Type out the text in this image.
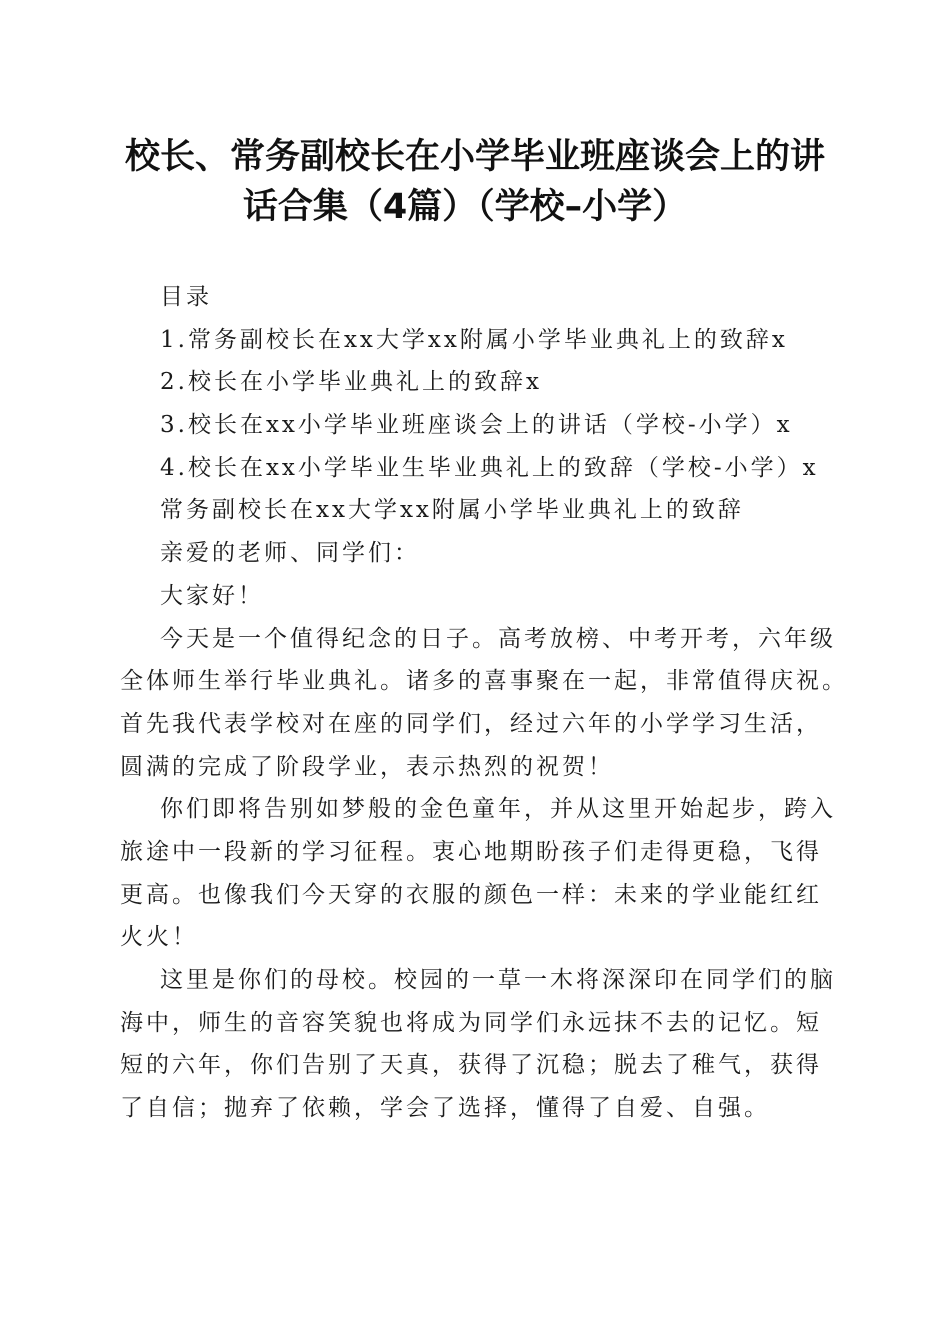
校长、常务副校长在小学毕业班座谈会上的讲
话合集（4篇）（学校–小学）
目录
1.常务副校长在xx大学xx附属小学毕业典礼上的致辞x
2.校长在小学毕业典礼上的致辞x
3.校长在xx小学毕业班座谈会上的讲话（学校-小学）x
4.校长在xx小学毕业生毕业典礼上的致辞（学校-小学）x
常务副校长在xx大学xx附属小学毕业典礼上的致辞
亲爱的老师、同学们：
大家好！
今天是一个值得纪念的日子。高考放榜、中考开考，六年级
全体师生举行毕业典礼。诸多的喜事聚在一起，非常值得庆祝。
首先我代表学校对在座的同学们，经过六年的小学学习生活，
圆满的完成了阶段学业，表示热烈的祝贺！
你们即将告别如梦般的金色童年，并从这里开始起步，跨入
旅途中一段新的学习征程。衷心地期盼孩子们走得更稳，飞得
更高。也像我们今天穿的衣服的颜色一样：未来的学业能红红
火火！
这里是你们的母校。校园的一草一木将深深印在同学们的脑
海中，师生的音容笑貌也将成为同学们永远抹不去的记忆。短
短的六年，你们告别了天真，获得了沉稳；脱去了稚气，获得
了自信；抛弃了依赖，学会了选择，懂得了自爱、自强。
